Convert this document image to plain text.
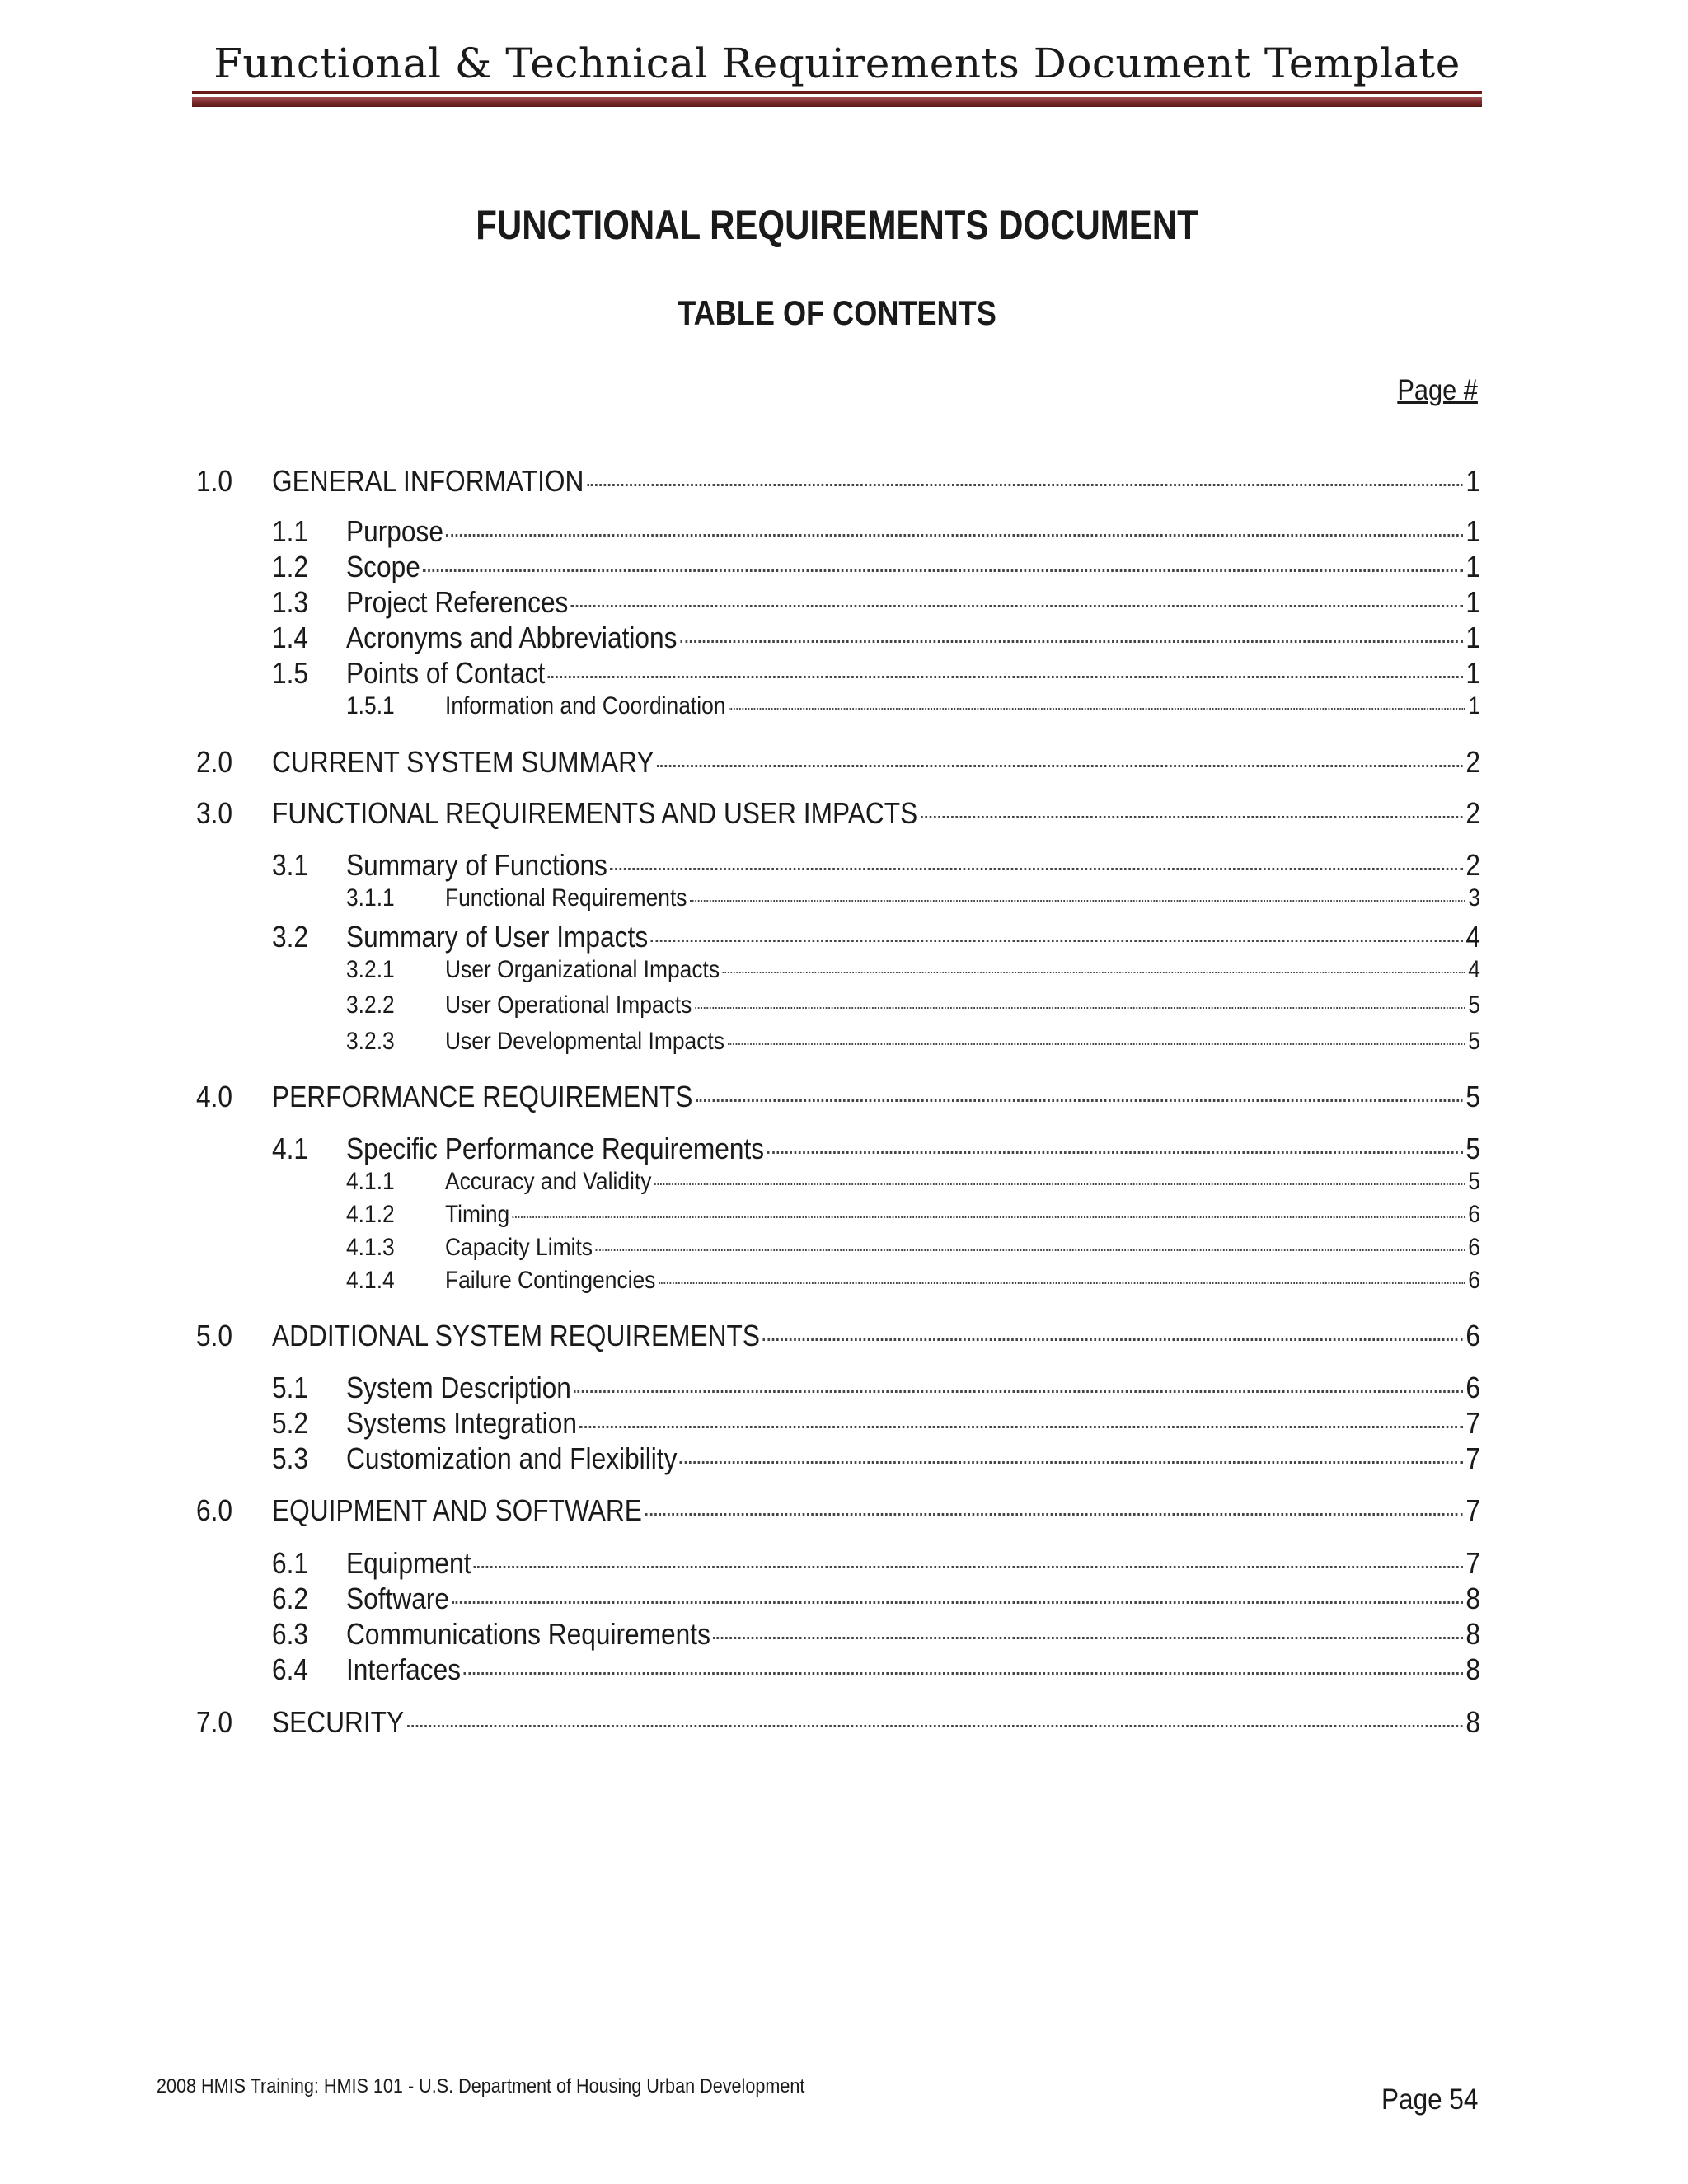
Functional & Technical Requirements Document Template
FUNCTIONAL REQUIREMENTS DOCUMENT
TABLE OF CONTENTS
Page #
1.0	GENERAL INFORMATION	1
1.1	Purpose	1
1.2	Scope	1
1.3	Project References	1
1.4	Acronyms and Abbreviations	1
1.5	Points of Contact	1
1.5.1	Information and Coordination	1
2.0	CURRENT SYSTEM SUMMARY	2
3.0	FUNCTIONAL REQUIREMENTS AND USER IMPACTS	2
3.1	Summary of Functions	2
3.1.1	Functional Requirements	3
3.2	Summary of User Impacts	4
3.2.1	User Organizational Impacts	4
3.2.2	User Operational Impacts	5
3.2.3	User Developmental Impacts	5
4.0	PERFORMANCE REQUIREMENTS	5
4.1	Specific Performance Requirements	5
4.1.1	Accuracy and Validity	5
4.1.2	Timing	6
4.1.3	Capacity Limits	6
4.1.4	Failure Contingencies	6
5.0	ADDITIONAL SYSTEM REQUIREMENTS	6
5.1	System Description	6
5.2	Systems Integration	7
5.3	Customization and Flexibility	7
6.0	EQUIPMENT AND SOFTWARE	7
6.1	Equipment	7
6.2	Software	8
6.3	Communications Requirements	8
6.4	Interfaces	8
7.0	SECURITY	8
2008 HMIS Training: HMIS 101 - U.S. Department of Housing Urban Development	Page 54
